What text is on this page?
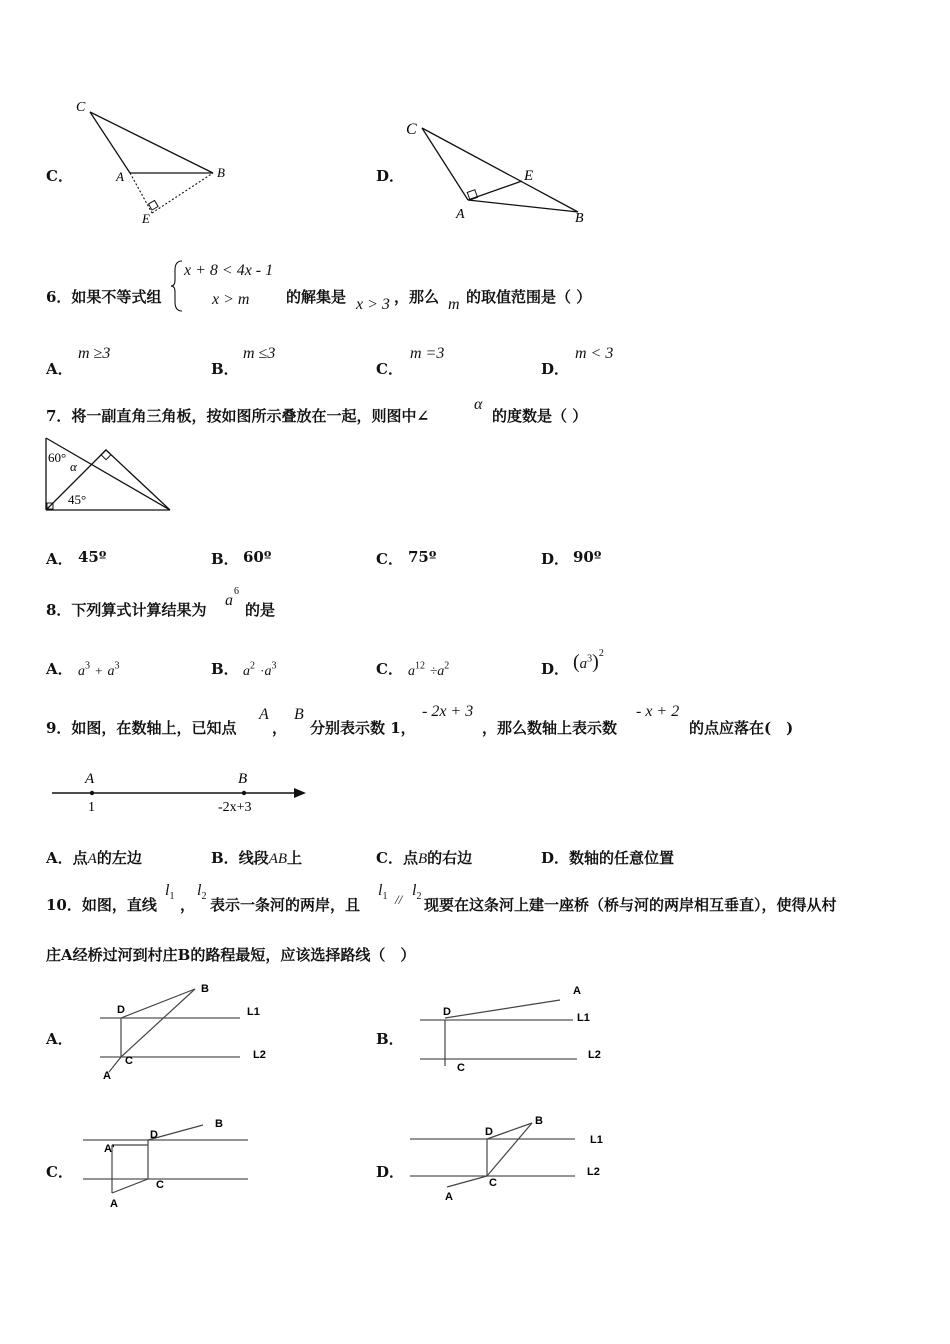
C．
C
A	B
E
D．
C
A	B
E
6．如果不等式组
x + 8 < 4x - 1
x > m 的解集是 x > 3 ，那么 m 的取值范围是（ ）
A．
m ≥3
B．
m ≤3
C．
m =3
D．
m < 3
7．将一副直角三角板，按如图所示叠放在一起，则图中∠
α
的度数是（ ）
60°
α
45°
A． 45º	B． 60º	C． 75º	D． 90º
8．下列算式计算结果为
a
6
的是
A． $a^3 + a^3$	B． $a^2 \cdot a^3$	C． $a^{12} \div a^2$	D． $(a^3)^2$
9．如图，在数轴上，已知点
A
，
B
分别表示数 1，
- 2x + 3
，那么数轴上表示数
- x + 2
的点应落在(　)
A	B
1	-2x+3
A．点A的左边	B．线段AB上	C．点B的右边	D．数轴的任意位置
10．如图，直线
$l_1$ ，
$l_2$ 表示一条河的两岸，且
$l_1$ //
$l_2$ 现要在这条河上建一座桥（桥与河的两岸相互垂直），使得从村
庄A经桥过河到村庄B的路程最短，应该选择路线（　）
A．
B
D	L1
L2
C
A
B．
A
D	L1
L2
C
C．
B
A'
D
C
A
D．
B
D
L1
L2
C
A
